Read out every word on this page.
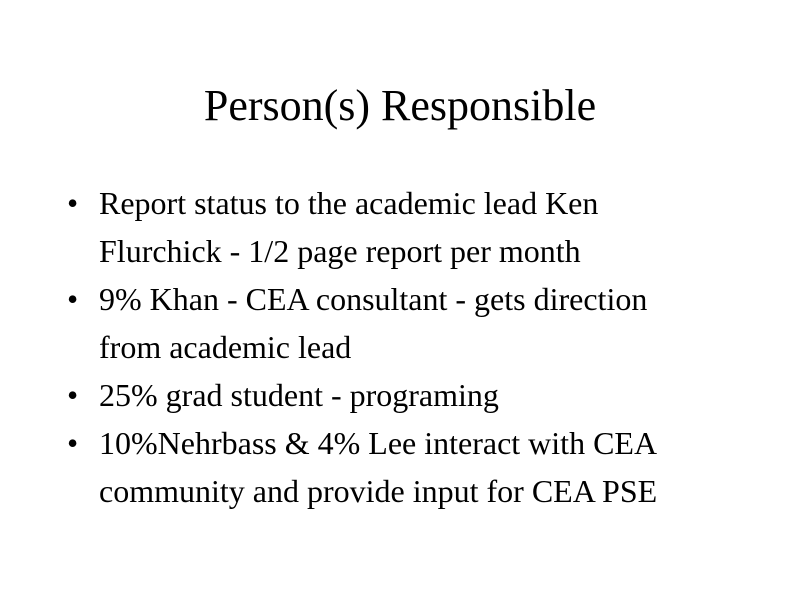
Person(s) Responsible
• Report status to the academic lead Ken
Flurchick - 1/2 page report per month
• 9% Khan - CEA consultant - gets direction
from academic lead
• 25% grad student - programing
• 10%Nehrbass & 4% Lee interact with CEA
community and provide input for CEA PSE
